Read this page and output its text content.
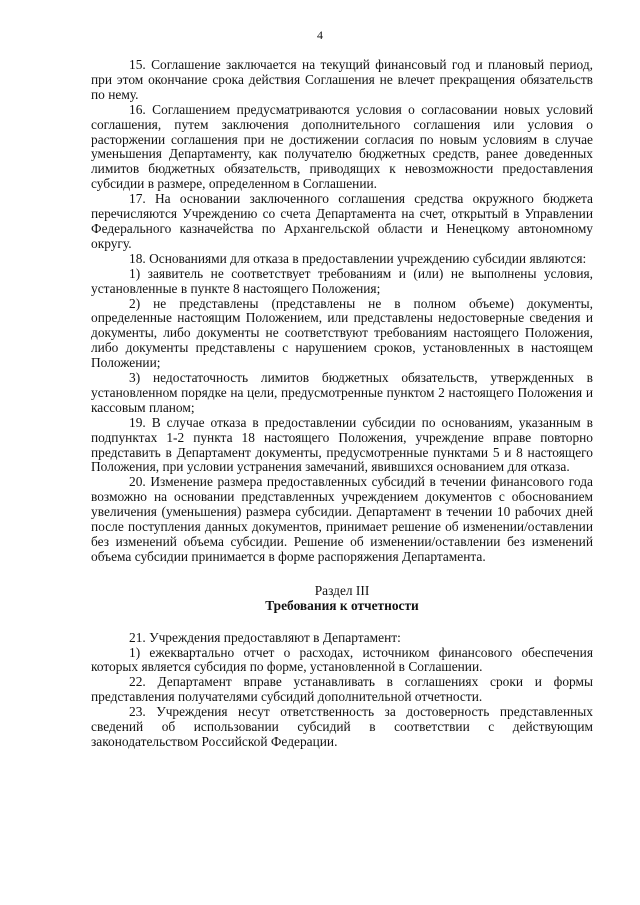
4

15. Соглашение заключается на текущий финансовый год и плановый период, при этом окончание срока действия Соглашения не влечет прекращения обязательств по нему.

16. Соглашением предусматриваются условия о согласовании новых условий соглашения, путем заключения дополнительного соглашения или условия о расторжении соглашения при не достижении согласия по новым условиям в случае уменьшения Департаменту, как получателю бюджетных средств, ранее доведенных лимитов бюджетных обязательств, приводящих к невозможности предоставления субсидии в размере, определенном в Соглашении.

17. На основании заключенного соглашения средства окружного бюджета перечисляются Учреждению со счета Департамента на счет, открытый в Управлении Федерального казначейства по Архангельской области и Ненецкому автономному округу.

18. Основаниями для отказа в предоставлении учреждению субсидии являются:

1) заявитель не соответствует требованиям и (или) не выполнены условия, установленные в пункте 8 настоящего Положения;

2) не представлены (представлены не в полном объеме) документы, определенные настоящим Положением, или представлены недостоверные сведения и документы, либо документы не соответствуют требованиям настоящего Положения, либо документы представлены с нарушением сроков, установленных в настоящем Положении;

3) недостаточность лимитов бюджетных обязательств, утвержденных в установленном порядке на цели, предусмотренные пунктом 2 настоящего Положения и кассовым планом;

19. В случае отказа в предоставлении субсидии по основаниям, указанным в подпунктах 1-2 пункта 18 настоящего Положения, учреждение вправе повторно представить в Департамент документы, предусмотренные пунктами 5 и 8 настоящего Положения, при условии устранения замечаний, явившихся основанием для отказа.

20. Изменение размера предоставленных субсидий в течении финансового года возможно на основании представленных учреждением документов с обоснованием увеличения (уменьшения) размера субсидии. Департамент в течении 10 рабочих дней после поступления данных документов, принимает решение об изменении/оставлении без изменений объема субсидии. Решение об изменении/оставлении без изменений объема субсидии принимается в форме распоряжения Департамента.

Раздел III
Требования к отчетности

21. Учреждения предоставляют в Департамент:

1) ежеквартально отчет о расходах, источником финансового обеспечения которых является субсидия по форме, установленной в Соглашении.

22. Департамент вправе устанавливать в соглашениях сроки и формы представления получателями субсидий дополнительной отчетности.

23. Учреждения несут ответственность за достоверность представленных сведений об использовании субсидий в соответствии с действующим законодательством Российской Федерации.
